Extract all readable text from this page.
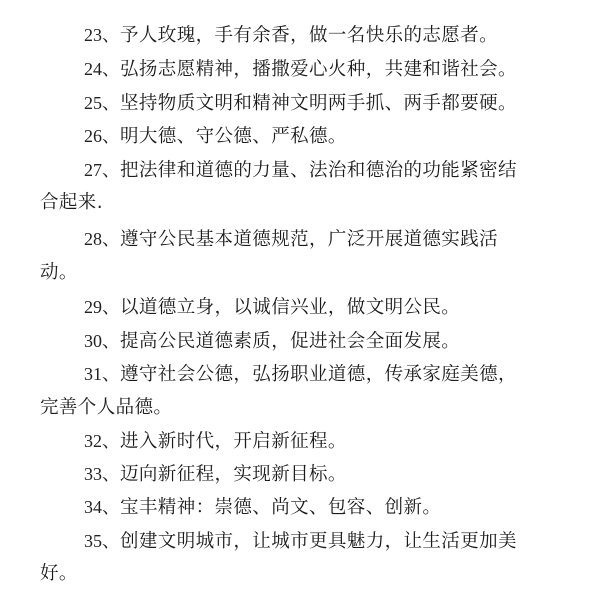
23、予人玫瑰，手有余香，做一名快乐的志愿者。
24、弘扬志愿精神，播撒爱心火种，共建和谐社会。
25、坚持物质文明和精神文明两手抓、两手都要硬。
26、明大德、守公德、严私德。
27、把法律和道德的力量、法治和德治的功能紧密结
合起来.
28、遵守公民基本道德规范，广泛开展道德实践活
动。
29、以道德立身，以诚信兴业，做文明公民。
30、提高公民道德素质，促进社会全面发展。
31、遵守社会公德，弘扬职业道德，传承家庭美德，
完善个人品德。
32、进入新时代，开启新征程。
33、迈向新征程，实现新目标。
34、宝丰精神：崇德、尚文、包容、创新。
35、创建文明城市，让城市更具魅力，让生活更加美
好。
